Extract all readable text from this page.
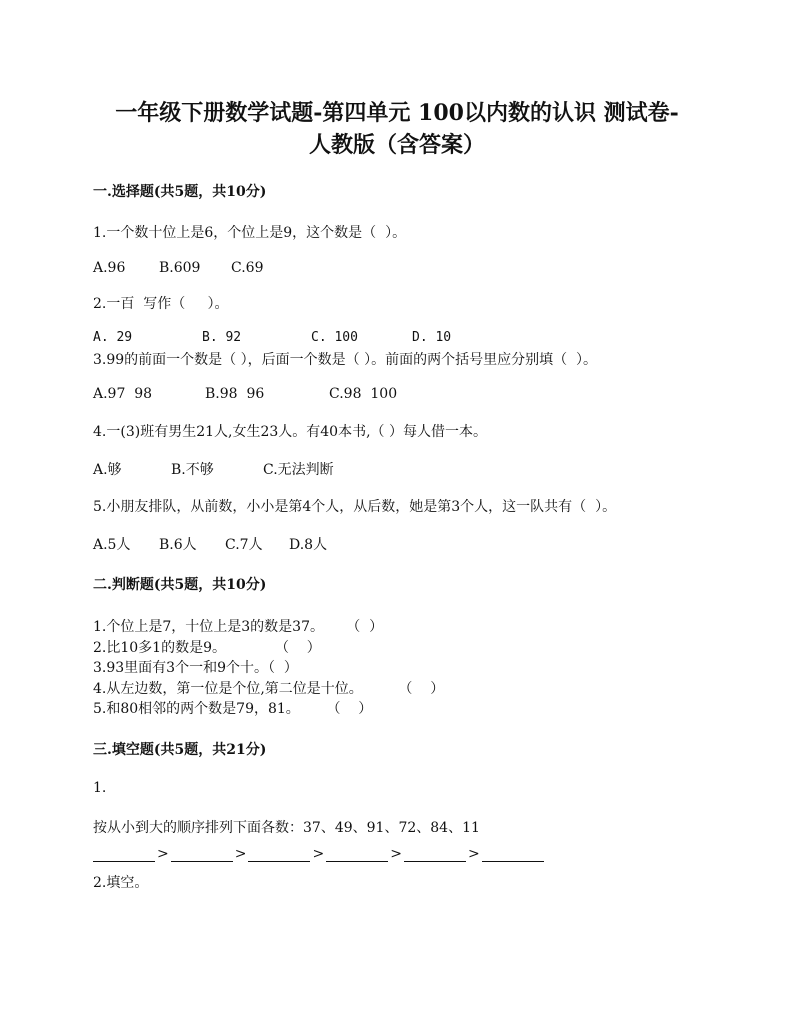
一年级下册数学试题-第四单元 100以内数的认识 测试卷-
人教版（含答案）
一.选择题(共5题，共10分)
1.一个数十位上是6，个位上是9，这个数是（  ）。
A.96	B.609	C.69
2.一百  写作（     ）。
A. 29	B. 92	C. 100	D. 10
3.99的前面一个数是（ ），后面一个数是（ ）。前面的两个括号里应分别填（  ）。
A.97  98	B.98  96	C.98  100
4.一(3)班有男生21人,女生23人。有40本书,（ ）每人借一本。
A.够	B.不够	C.无法判断
5.小朋友排队，从前数，小小是第4个人，从后数，她是第3个人，这一队共有（  ）。
A.5人	B.6人	C.7人	D.8人
二.判断题(共5题，共10分)
1.个位上是7，十位上是3的数是37。     （  ）
2.比10多1的数是9。           （    ）
3.93里面有3个一和9个十。（  ）
4.从左边数，第一位是个位,第二位是十位。        （    ）
5.和80相邻的两个数是79，81。      （    ）
三.填空题(共5题，共21分)
1.
按从小到大的顺序排列下面各数：37、49、91、72、84、11
>	>	>	>	>
2.填空。
